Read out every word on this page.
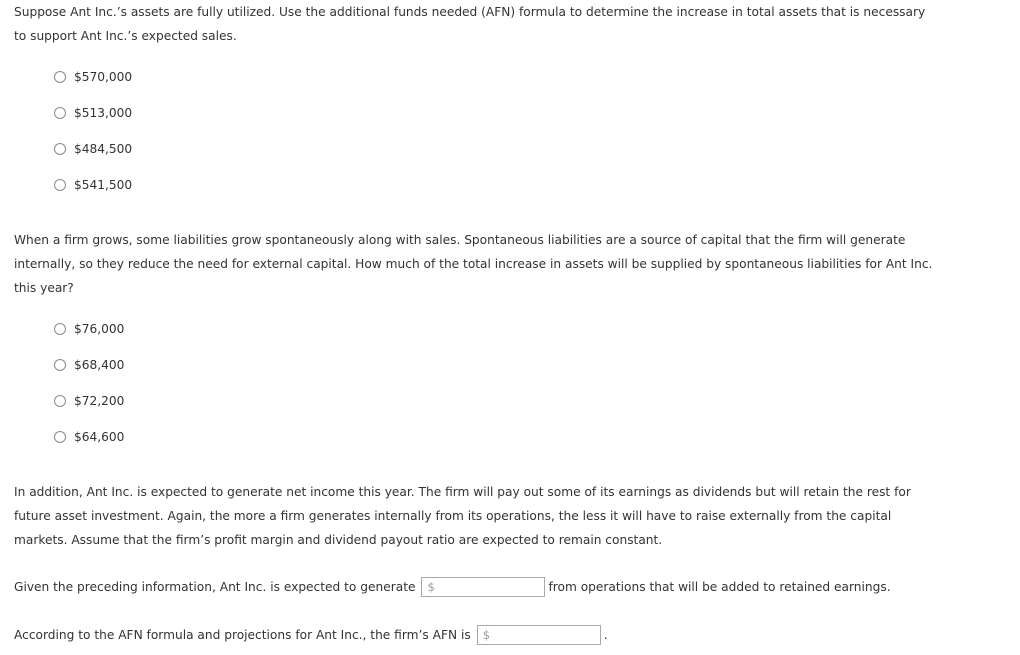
Suppose Ant Inc.’s assets are fully utilized. Use the additional funds needed (AFN) formula to determine the increase in total assets that is necessary to support Ant Inc.’s expected sales.

$570,000
$513,000
$484,500
$541,500

When a firm grows, some liabilities grow spontaneously along with sales. Spontaneous liabilities are a source of capital that the firm will generate internally, so they reduce the need for external capital. How much of the total increase in assets will be supplied by spontaneous liabilities for Ant Inc. this year?

$76,000
$68,400
$72,200
$64,600

In addition, Ant Inc. is expected to generate net income this year. The firm will pay out some of its earnings as dividends but will retain the rest for future asset investment. Again, the more a firm generates internally from its operations, the less it will have to raise externally from the capital markets. Assume that the firm’s profit margin and dividend payout ratio are expected to remain constant.

Given the preceding information, Ant Inc. is expected to generate $	from operations that will be added to retained earnings.
According to the AFN formula and projections for Ant Inc., the firm’s AFN is $	.
